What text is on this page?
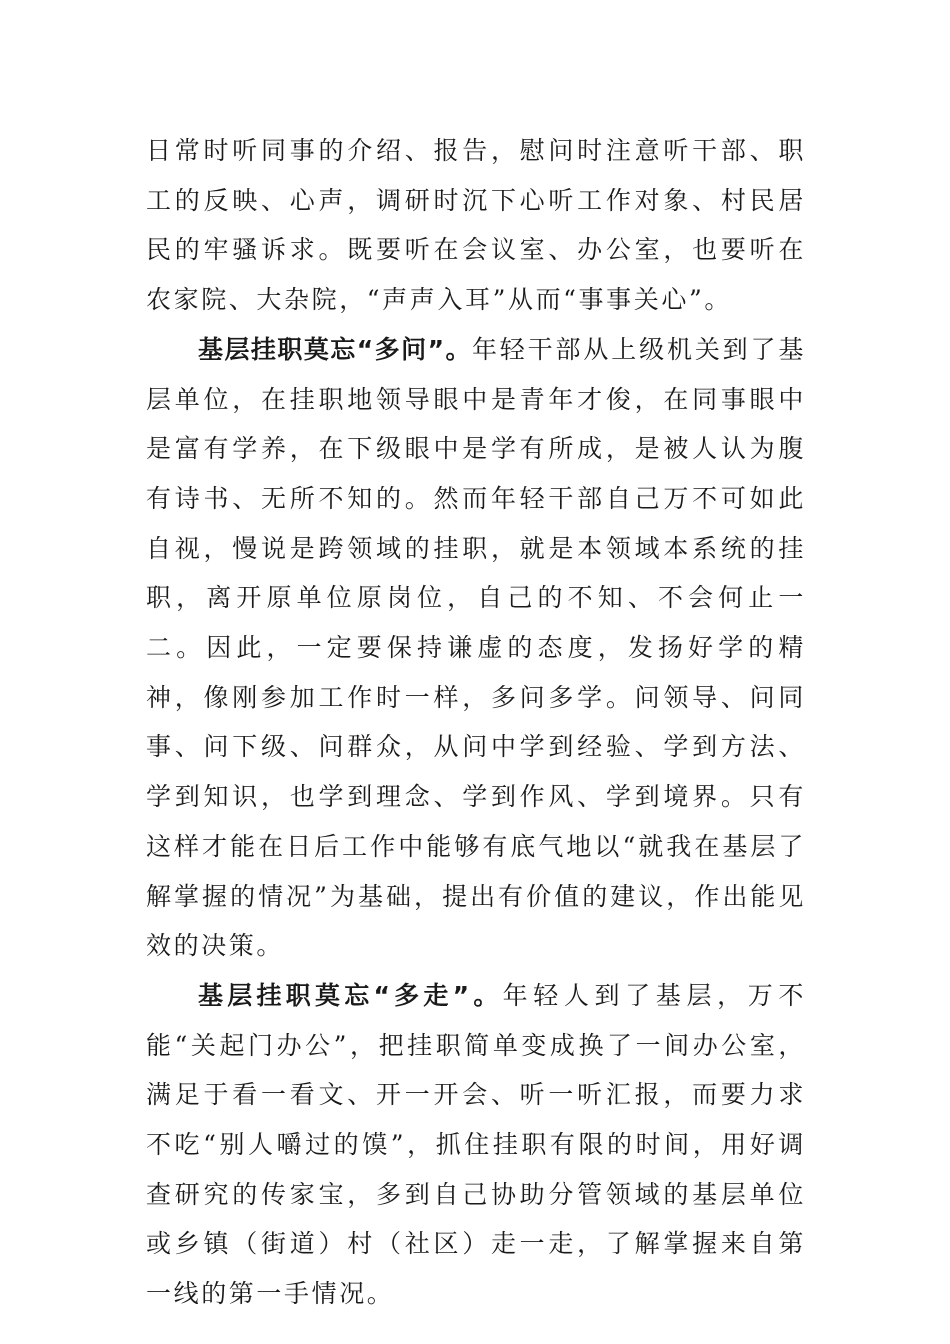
日常时听同事的介绍、报告，慰问时注意听干部、职工的反映、心声，调研时沉下心听工作对象、村民居民的牢骚诉求。既要听在会议室、办公室，也要听在农家院、大杂院，“声声入耳”从而“事事关心”。

基层挂职莫忘“多问”。年轻干部从上级机关到了基层单位，在挂职地领导眼中是青年才俊，在同事眼中是富有学养，在下级眼中是学有所成，是被人认为腹有诗书、无所不知的。然而年轻干部自己万不可如此自视，慢说是跨领域的挂职，就是本领域本系统的挂职，离开原单位原岗位，自己的不知、不会何止一二。因此，一定要保持谦虚的态度，发扬好学的精神，像刚参加工作时一样，多问多学。问领导、问同事、问下级、问群众，从问中学到经验、学到方法、学到知识，也学到理念、学到作风、学到境界。只有这样才能在日后工作中能够有底气地以“就我在基层了解掌握的情况”为基础，提出有价值的建议，作出能见效的决策。

基层挂职莫忘“多走”。年轻人到了基层，万不能“关起门办公”，把挂职简单变成换了一间办公室，满足于看一看文、开一开会、听一听汇报，而要力求不吃“别人嚼过的馍”，抓住挂职有限的时间，用好调查研究的传家宝，多到自己协助分管领域的基层单位或乡镇（街道）村（社区）走一走，了解掌握来自第一线的第一手情况。
